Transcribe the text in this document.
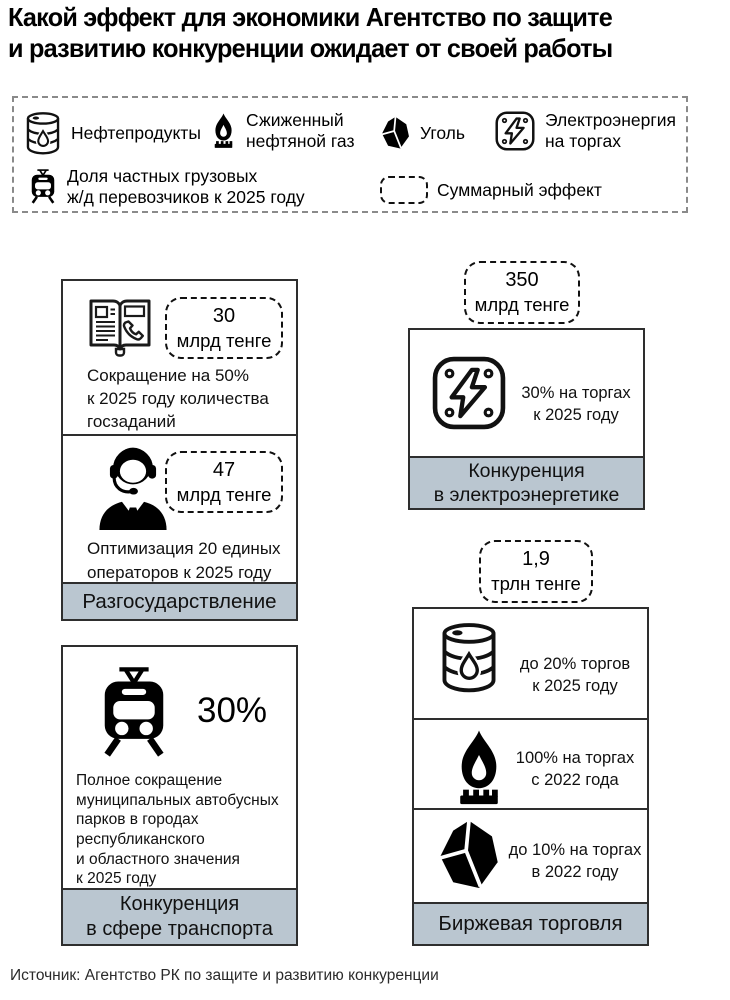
Какой эффект для экономики Агентство по защите
и развитию конкуренции ожидает от своей работы
Нефтепродукты
Сжиженный
нефтяной газ	Уголь
Электроэнергия
на торгах
Доля частных грузовых
ж/д перевозчиков к 2025 году	Суммарный эффект
30
млрд тенге
Сокращение на 50%
к 2025 году количества
госзаданий
47
млрд тенге
Оптимизация 20 единых
операторов к 2025 году
Разгосударствление
30%
Полное сокращение
муниципальных автобусных
парков в городах
республиканского
и областного значения
к 2025 году
Конкуренция
в сфере транспорта
350
млрд тенге
30% на торгах
к 2025 году
Конкуренция
в электроэнергетике
1,9
трлн тенге
до 20% торгов
к 2025 году
100% на торгах
с 2022 года
до 10% на торгах
в 2022 году
Биржевая торговля
Источник: Агентство РК по защите и развитию конкуренции
